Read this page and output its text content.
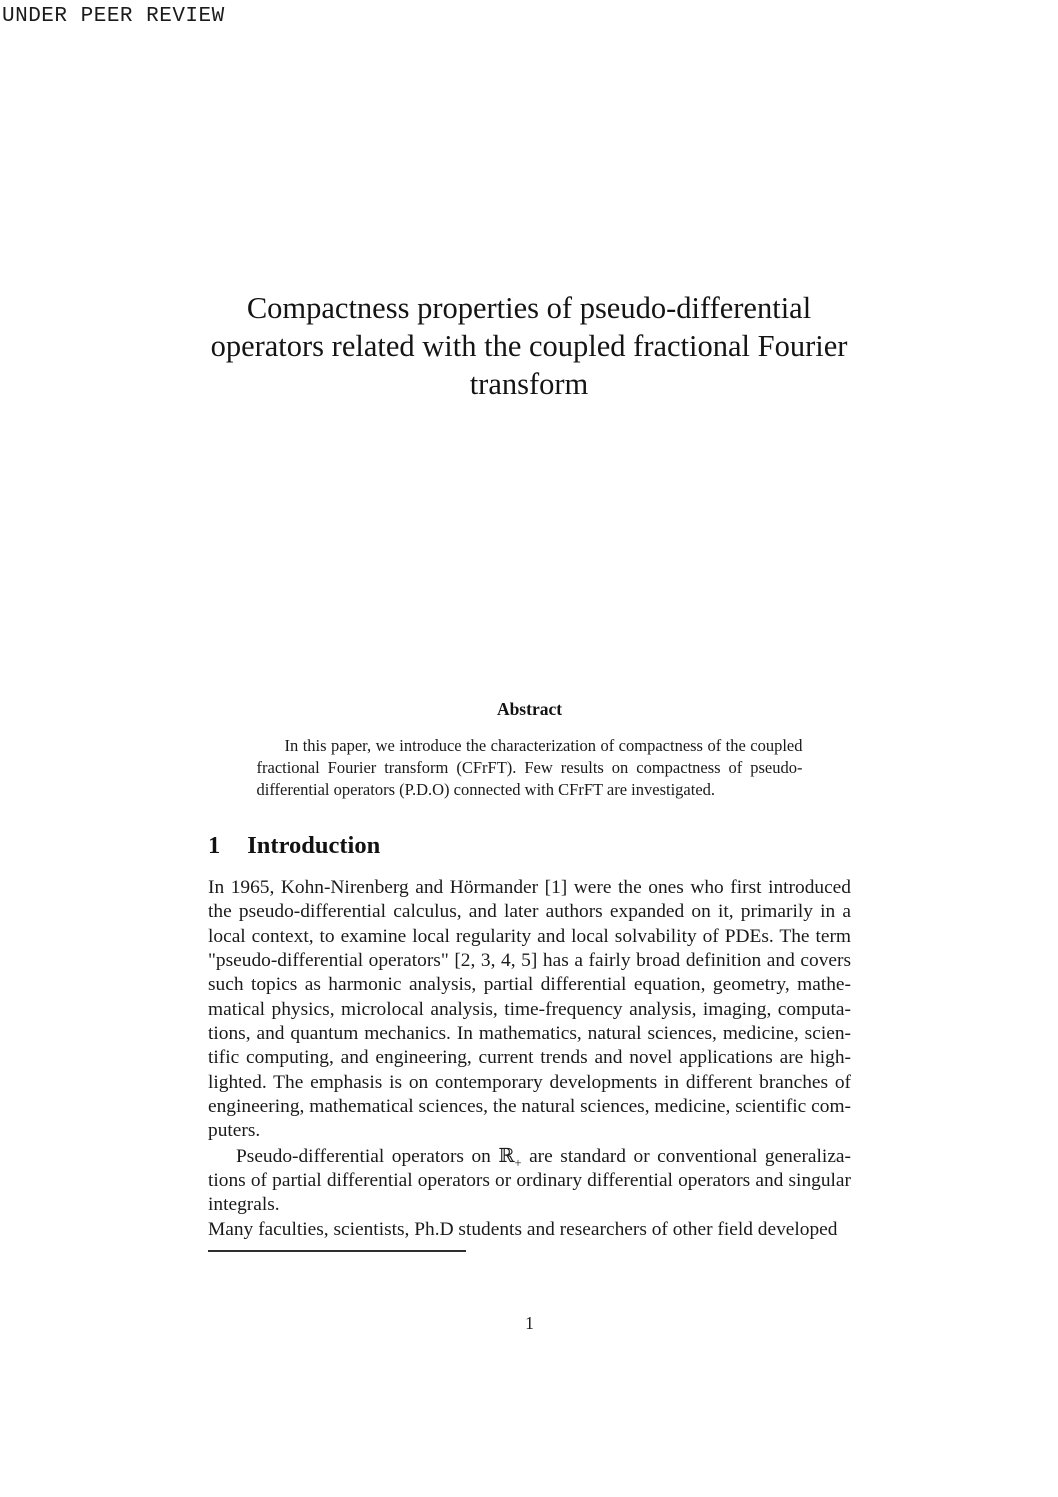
UNDER PEER REVIEW
Compactness properties of pseudo-differential
operators related with the coupled fractional Fourier
transform
Abstract

In this paper, we introduce the characterization of compactness of the coupled fractional Fourier transform (CFrFT). Few results on compactness of pseudo-differential operators (P.D.O) connected with CFrFT are investigated.

1 Introduction

In 1965, Kohn-Nirenberg and Hörmander [1] were the ones who first introduced the pseudo-differential calculus, and later authors expanded on it, primarily in a local context, to examine local regularity and local solvability of PDEs. The term "pseudo-differential operators" [2, 3, 4, 5] has a fairly broad definition and covers such topics as harmonic analysis, partial differential equation, geometry, mathematical physics, microlocal analysis, time-frequency analysis, imaging, computations, and quantum mechanics. In mathematics, natural sciences, medicine, scientific computing, and engineering, current trends and novel applications are highlighted. The emphasis is on contemporary developments in different branches of engineering, mathematical sciences, the natural sciences, medicine, scientific computers.

Pseudo-differential operators on ℝ$_+$ are standard or conventional generalizations of partial differential operators or ordinary differential operators and singular integrals.

Many faculties, scientists, Ph.D students and researchers of other field developed

1
